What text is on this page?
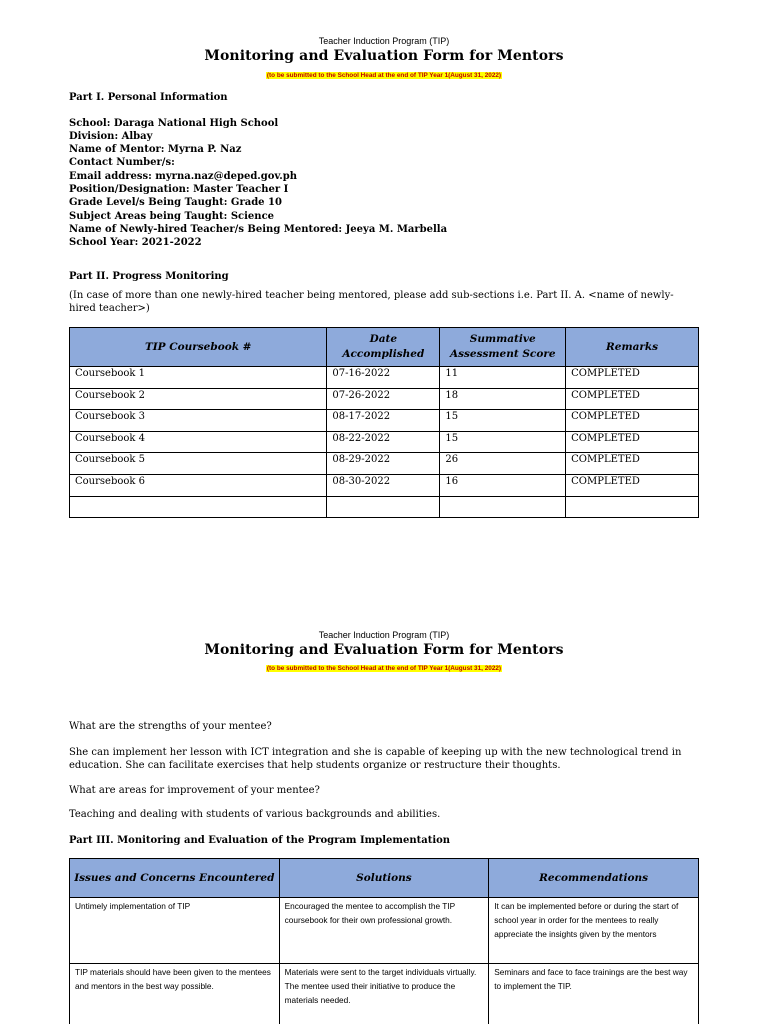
Teacher Induction Program (TIP)
Monitoring and Evaluation Form for Mentors
(to be submitted to the School Head at the end of TIP Year 1(August 31, 2022)
Part I. Personal Information
School: Daraga National High School
Division: Albay
Name of Mentor: Myrna P. Naz
Contact Number/s:
Email address: myrna.naz@deped.gov.ph
Position/Designation: Master Teacher I
Grade Level/s Being Taught: Grade 10
Subject Areas being Taught: Science
Name of Newly-hired Teacher/s Being Mentored: Jeeya M. Marbella
School Year: 2021-2022
Part II. Progress Monitoring
(In case of more than one newly-hired teacher being mentored, please add sub-sections i.e. Part II. A. <name of newly-hired teacher>)
TIP Coursebook #	Date Accomplished	Summative Assessment Score	Remarks
Coursebook 1	07-16-2022	11	COMPLETED
Coursebook 2	07-26-2022	18	COMPLETED
Coursebook 3	08-17-2022	15	COMPLETED
Coursebook 4	08-22-2022	15	COMPLETED
Coursebook 5	08-29-2022	26	COMPLETED
Coursebook 6	08-30-2022	16	COMPLETED

Teacher Induction Program (TIP)
Monitoring and Evaluation Form for Mentors
(to be submitted to the School Head at the end of TIP Year 1(August 31, 2022)
What are the strengths of your mentee?
She can implement her lesson with ICT integration and she is capable of keeping up with the new technological trend in education. She can facilitate exercises that help students organize or restructure their thoughts.
What are areas for improvement of your mentee?
Teaching and dealing with students of various backgrounds and abilities.
Part III. Monitoring and Evaluation of the Program Implementation
Issues and Concerns Encountered	Solutions	Recommendations
Untimely implementation of TIP	Encouraged the mentee to accomplish the TIP coursebook for their own professional growth.	It can be implemented before or during the start of school year in order for the mentees to really appreciate the insights given by the mentors
TIP materials should have been given to the mentees and mentors in the best way possible.	Materials were sent to the target individuals virtually. The mentee used their initiative to produce the materials needed.	Seminars and face to face trainings are the best way to implement the TIP.
